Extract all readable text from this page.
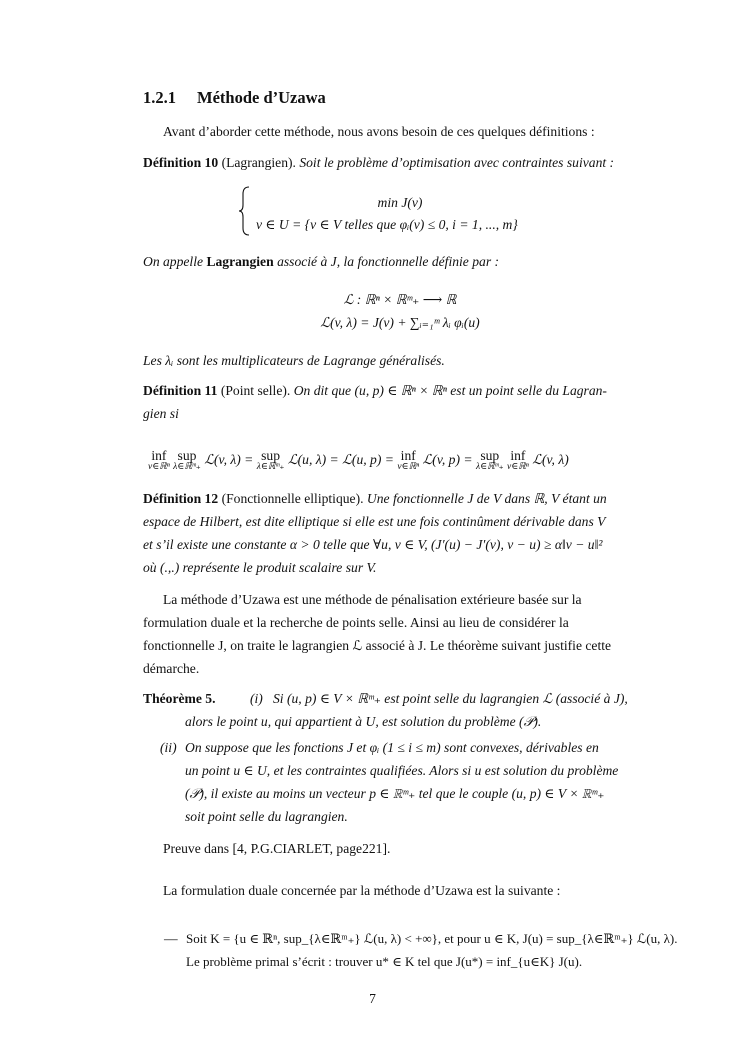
1.2.1 Méthode d’Uzawa
Avant d’aborder cette méthode, nous avons besoin de ces quelques définitions :
Définition 10 (Lagrangien). Soit le problème d’optimisation avec contraintes suivant :
min J(v)
v ∈ U = {v ∈ V telles que φᵢ(v) ≤ 0, i = 1, ..., m}
On appelle Lagrangien associé à J, la fonctionnelle définie par :
ℒ : ℝⁿ × ℝᵐ₊ ⟶ ℝ
ℒ(v, λ) = J(v) + ∑ᵢ₌₁ᵐ λᵢ φᵢ(u)
Les λᵢ sont les multiplicateurs de Lagrange généralisés.
Définition 11 (Point selle). On dit que (u, p) ∈ ℝⁿ × ℝⁿ est un point selle du Lagran-
gien si
inf
v∈ℝⁿ
sup
λ∈ℝᵐ₊ ℒ(v, λ) = sup
λ∈ℝᵐ₊ ℒ(u, λ) = ℒ(u, p) = inf
v∈ℝⁿ ℒ(v, p) = sup
λ∈ℝᵐ₊
inf
v∈ℝⁿ ℒ(v, λ)
Définition 12 (Fonctionnelle elliptique). Une fonctionnelle J de V dans ℝ, V étant un
espace de Hilbert, est dite elliptique si elle est une fois continûment dérivable dans V
et s’il existe une constante α > 0 telle que ∀u, v ∈ V, (J′(u) − J′(v), v − u) ≥ α‖v − u‖²
où (.,.) représente le produit scalaire sur V.
La méthode d’Uzawa est une méthode de pénalisation extérieure basée sur la
formulation duale et la recherche de points selle. Ainsi au lieu de considérer la
fonctionnelle J, on traite le lagrangien ℒ associé à J. Le théorème suivant justifie cette
démarche.
Théorème 5.	(i) Si (u, p) ∈ V × ℝᵐ₊ est point selle du lagrangien ℒ (associé à J),
alors le point u, qui appartient à U, est solution du problème (𝒫).
(ii) On suppose que les fonctions J et φᵢ (1 ≤ i ≤ m) sont convexes, dérivables en
un point u ∈ U, et les contraintes qualifiées. Alors si u est solution du problème
(𝒫), il existe au moins un vecteur p ∈ ℝᵐ₊ tel que le couple (u, p) ∈ V × ℝᵐ₊
soit point selle du lagrangien.
Preuve dans [4, P.G.CIARLET, page221].
La formulation duale concernée par la méthode d’Uzawa est la suivante :
— Soit K = {u ∈ ℝⁿ, sup_{λ∈ℝᵐ₊} ℒ(u, λ) < +∞}, et pour u ∈ K, J(u) = sup_{λ∈ℝᵐ₊} ℒ(u, λ).
Le problème primal s’écrit : trouver u* ∈ K tel que J(u*) = inf_{u∈K} J(u).
7
